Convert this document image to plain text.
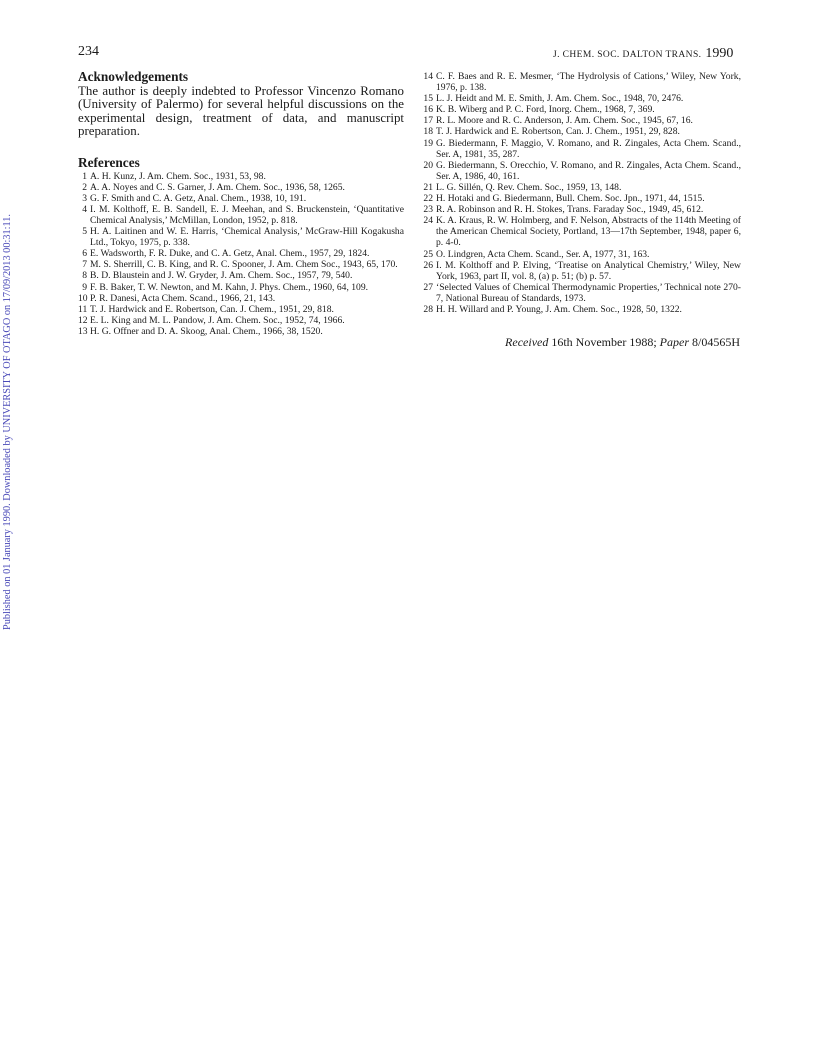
Published on 01 January 1990. Downloaded by UNIVERSITY OF OTAGO on 17/09/2013 00:31:11.
234	J. CHEM. SOC. DALTON TRANS. 1990
Acknowledgements

The author is deeply indebted to Professor Vincenzo Romano (University of Palermo) for several helpful discussions on the experimental design, treatment of data, and manuscript preparation.

References
1 A. H. Kunz, J. Am. Chem. Soc., 1931, 53, 98.
2 A. A. Noyes and C. S. Garner, J. Am. Chem. Soc., 1936, 58, 1265.
3 G. F. Smith and C. A. Getz, Anal. Chem., 1938, 10, 191.
4 I. M. Kolthoff, E. B. Sandell, E. J. Meehan, and S. Bruckenstein, ‘Quantitative Chemical Analysis,’ McMillan, London, 1952, p. 818.
5 H. A. Laitinen and W. E. Harris, ‘Chemical Analysis,’ McGraw-Hill Kogakusha Ltd., Tokyo, 1975, p. 338.
6 E. Wadsworth, F. R. Duke, and C. A. Getz, Anal. Chem., 1957, 29, 1824.
7 M. S. Sherrill, C. B. King, and R. C. Spooner, J. Am. Chem Soc., 1943, 65, 170.
8 B. D. Blaustein and J. W. Gryder, J. Am. Chem. Soc., 1957, 79, 540.
9 F. B. Baker, T. W. Newton, and M. Kahn, J. Phys. Chem., 1960, 64, 109.
10 P. R. Danesi, Acta Chem. Scand., 1966, 21, 143.
11 T. J. Hardwick and E. Robertson, Can. J. Chem., 1951, 29, 818.
12 E. L. King and M. L. Pandow, J. Am. Chem. Soc., 1952, 74, 1966.
13 H. G. Offner and D. A. Skoog, Anal. Chem., 1966, 38, 1520.
14 C. F. Baes and R. E. Mesmer, ‘The Hydrolysis of Cations,’ Wiley, New York, 1976, p. 138.
15 L. J. Heidt and M. E. Smith, J. Am. Chem. Soc., 1948, 70, 2476.
16 K. B. Wiberg and P. C. Ford, Inorg. Chem., 1968, 7, 369.
17 R. L. Moore and R. C. Anderson, J. Am. Chem. Soc., 1945, 67, 16.
18 T. J. Hardwick and E. Robertson, Can. J. Chem., 1951, 29, 828.
19 G. Biedermann, F. Maggio, V. Romano, and R. Zingales, Acta Chem. Scand., Ser. A, 1981, 35, 287.
20 G. Biedermann, S. Orecchio, V. Romano, and R. Zingales, Acta Chem. Scand., Ser. A, 1986, 40, 161.
21 L. G. Sillén, Q. Rev. Chem. Soc., 1959, 13, 148.
22 H. Hotaki and G. Biedermann, Bull. Chem. Soc. Jpn., 1971, 44, 1515.
23 R. A. Robinson and R. H. Stokes, Trans. Faraday Soc., 1949, 45, 612.
24 K. A. Kraus, R. W. Holmberg, and F. Nelson, Abstracts of the 114th Meeting of the American Chemical Society, Portland, 13—17th September, 1948, paper 6, p. 4-0.
25 O. Lindgren, Acta Chem. Scand., Ser. A, 1977, 31, 163.
26 I. M. Kolthoff and P. Elving, ‘Treatise on Analytical Chemistry,’ Wiley, New York, 1963, part II, vol. 8, (a) p. 51; (b) p. 57.
27 ‘Selected Values of Chemical Thermodynamic Properties,’ Technical note 270-7, National Bureau of Standards, 1973.
28 H. H. Willard and P. Young, J. Am. Chem. Soc., 1928, 50, 1322.
Received 16th November 1988; Paper 8/04565H
